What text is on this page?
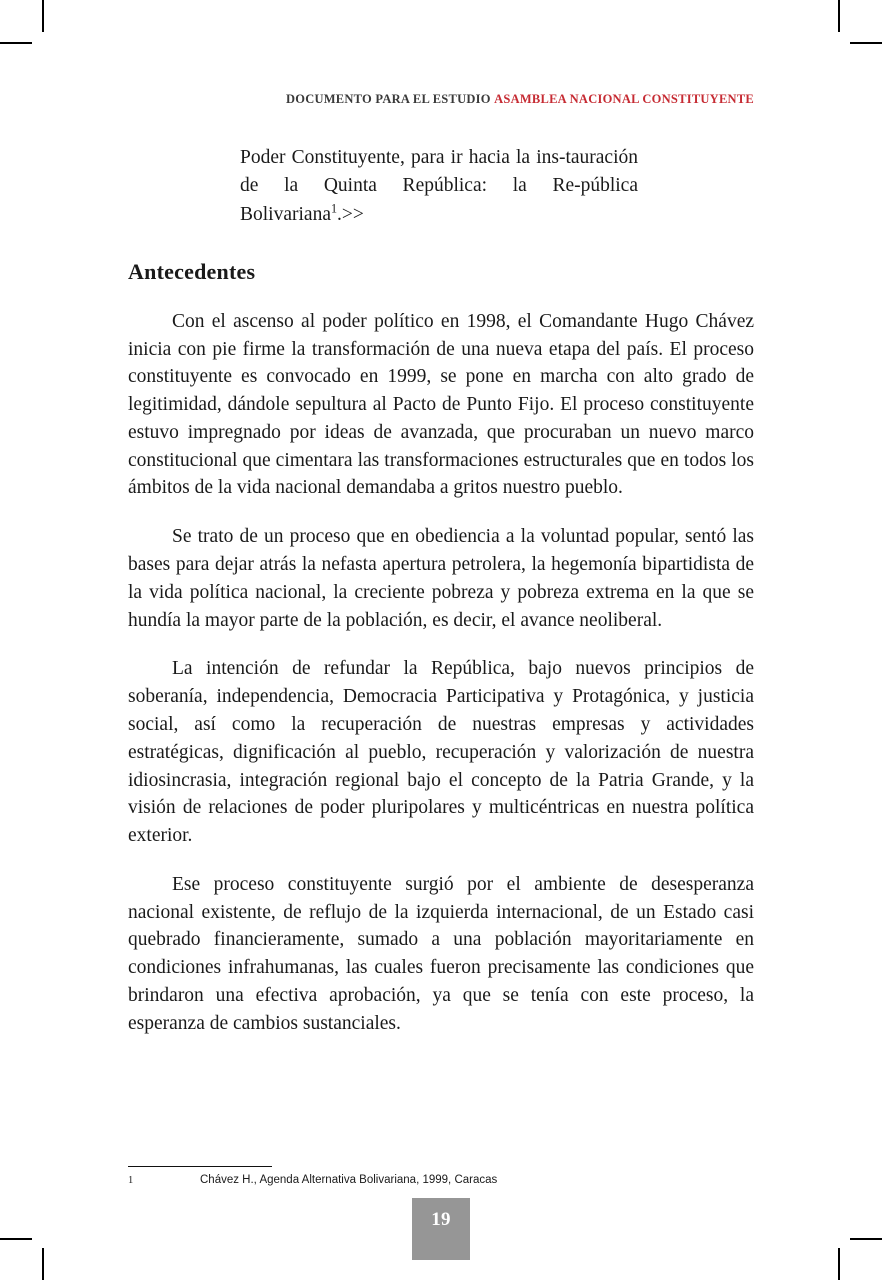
DOCUMENTO PARA EL ESTUDIO ASAMBLEA NACIONAL CONSTITUYENTE
Poder Constituyente, para ir hacia la ins-tauración de la Quinta República: la Re-pública Bolivariana$^1$.>>
Antecedentes

Con el ascenso al poder político en 1998, el Comandante Hugo Chávez inicia con pie firme la transformación de una nueva etapa del país. El proceso constituyente es convocado en 1999, se pone en marcha con alto grado de legitimidad, dándole sepultura al Pacto de Punto Fijo. El proceso constituyente estuvo impregnado por ideas de avanzada, que procuraban un nuevo marco constitucional que cimentara las transformaciones estructurales que en todos los ámbitos de la vida nacional demandaba a gritos nuestro pueblo.

Se trato de un proceso que en obediencia a la voluntad popular, sentó las bases para dejar atrás la nefasta apertura petrolera, la hegemonía bipartidista de la vida política nacional, la creciente pobreza y pobreza extrema en la que se hundía la mayor parte de la población, es decir, el avance neoliberal.

La intención de refundar la República, bajo nuevos principios de soberanía, independencia, Democracia Participativa y Protagónica, y justicia social, así como la recuperación de nuestras empresas y actividades estratégicas, dignificación al pueblo, recuperación y valorización de nuestra idiosincrasia, integración regional bajo el concepto de la Patria Grande, y la visión de relaciones de poder pluripolares y multicéntricas en nuestra política exterior.

Ese proceso constituyente surgió por el ambiente de desesperanza nacional existente, de reflujo de la izquierda internacional, de un Estado casi quebrado financieramente, sumado a una población mayoritariamente en condiciones infrahumanas, las cuales fueron precisamente las condiciones que brindaron una efectiva aprobación, ya que se tenía con este proceso, la esperanza de cambios sustanciales.

1	Chávez H., Agenda Alternativa Bolivariana, 1999, Caracas
19
